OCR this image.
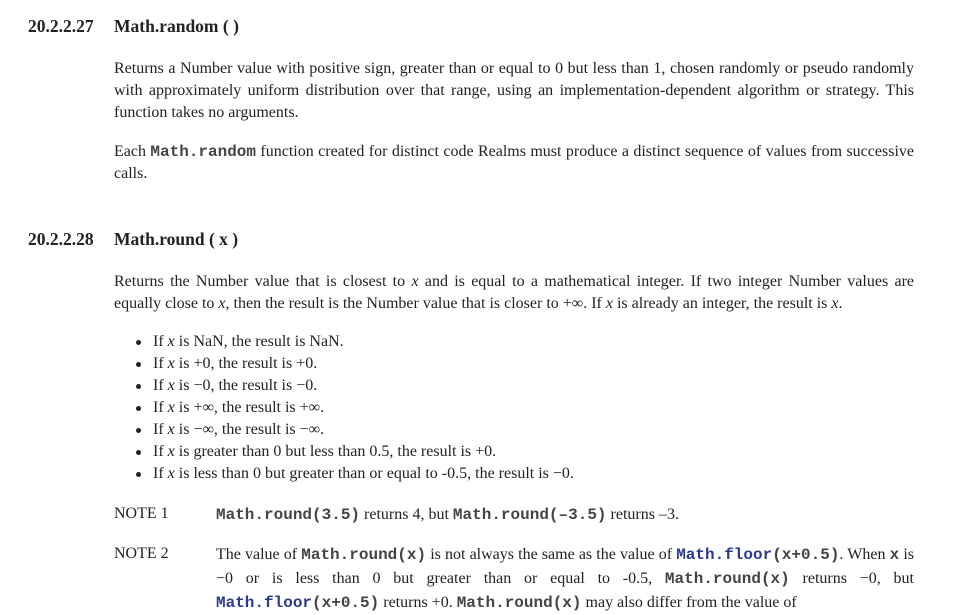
20.2.2.27 Math.random ( )
Returns a Number value with positive sign, greater than or equal to 0 but less than 1, chosen randomly or pseudo randomly with approximately uniform distribution over that range, using an implementation-dependent algorithm or strategy. This function takes no arguments.
Each Math.random function created for distinct code Realms must produce a distinct sequence of values from successive calls.
20.2.2.28 Math.round ( x )
Returns the Number value that is closest to x and is equal to a mathematical integer. If two integer Number values are equally close to x, then the result is the Number value that is closer to +∞. If x is already an integer, the result is x.
If x is NaN, the result is NaN.
If x is +0, the result is +0.
If x is −0, the result is −0.
If x is +∞, the result is +∞.
If x is −∞, the result is −∞.
If x is greater than 0 but less than 0.5, the result is +0.
If x is less than 0 but greater than or equal to -0.5, the result is −0.
NOTE 1	Math.round(3.5) returns 4, but Math.round(–3.5) returns –3.
NOTE 2	The value of Math.round(x) is not always the same as the value of Math.floor(x+0.5). When x is −0 or is less than 0 but greater than or equal to -0.5, Math.round(x) returns −0, but Math.floor(x+0.5) returns +0. Math.round(x) may also differ from the value of
